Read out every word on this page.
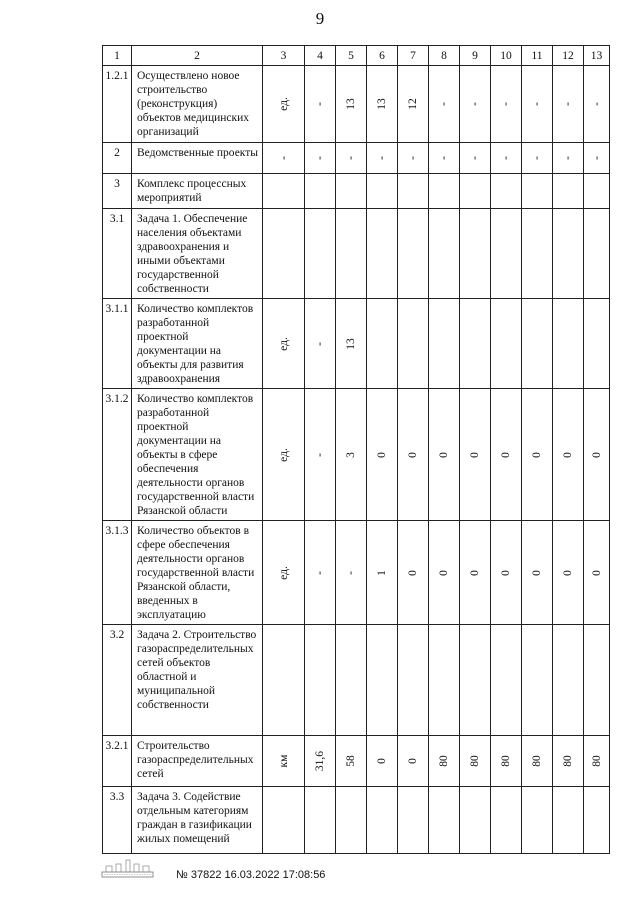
9
1	2	3	4	5	6	7	8	9	10	11	12	13
1.2.1	Осуществлено новое строительство (реконструкция) объектов медицинских организаций	ед.	-	13	13	12	-	-	-	-	-	-

2	Ведомственные проекты	-	-	-	-	-	-	-	-	-	-	-

3	Комплекс процессных мероприятий	

3.1	Задача 1. Обеспечение населения объектами здравоохранения и иными объектами государственной собственности	

3.1.1	Количество комплектов разработанной проектной документации на объекты для развития здравоохранения	ед.	-	13								

3.1.2	Количество комплектов разработанной проектной документации на объекты в сфере обеспечения деятельности органов государственной власти Рязанской области	ед.	-	3	0	0	0	0	0	0	0	0

3.1.3	Количество объектов в сфере обеспечения деятельности органов государственной власти Рязанской области, введенных в эксплуатацию	ед.	-	-	1	0	0	0	0	0	0	0

3.2	Задача 2. Строительство газораспределительных сетей объектов областной и муниципальной собственности	

3.2.1	Строительство газораспределительных сетей	км	31,6	58	0	0	80	80	80	80	80	80

3.3	Задача 3. Содействие отдельным категориям граждан в газификации жилых помещений	

№ 37822 16.03.2022 17:08:56
